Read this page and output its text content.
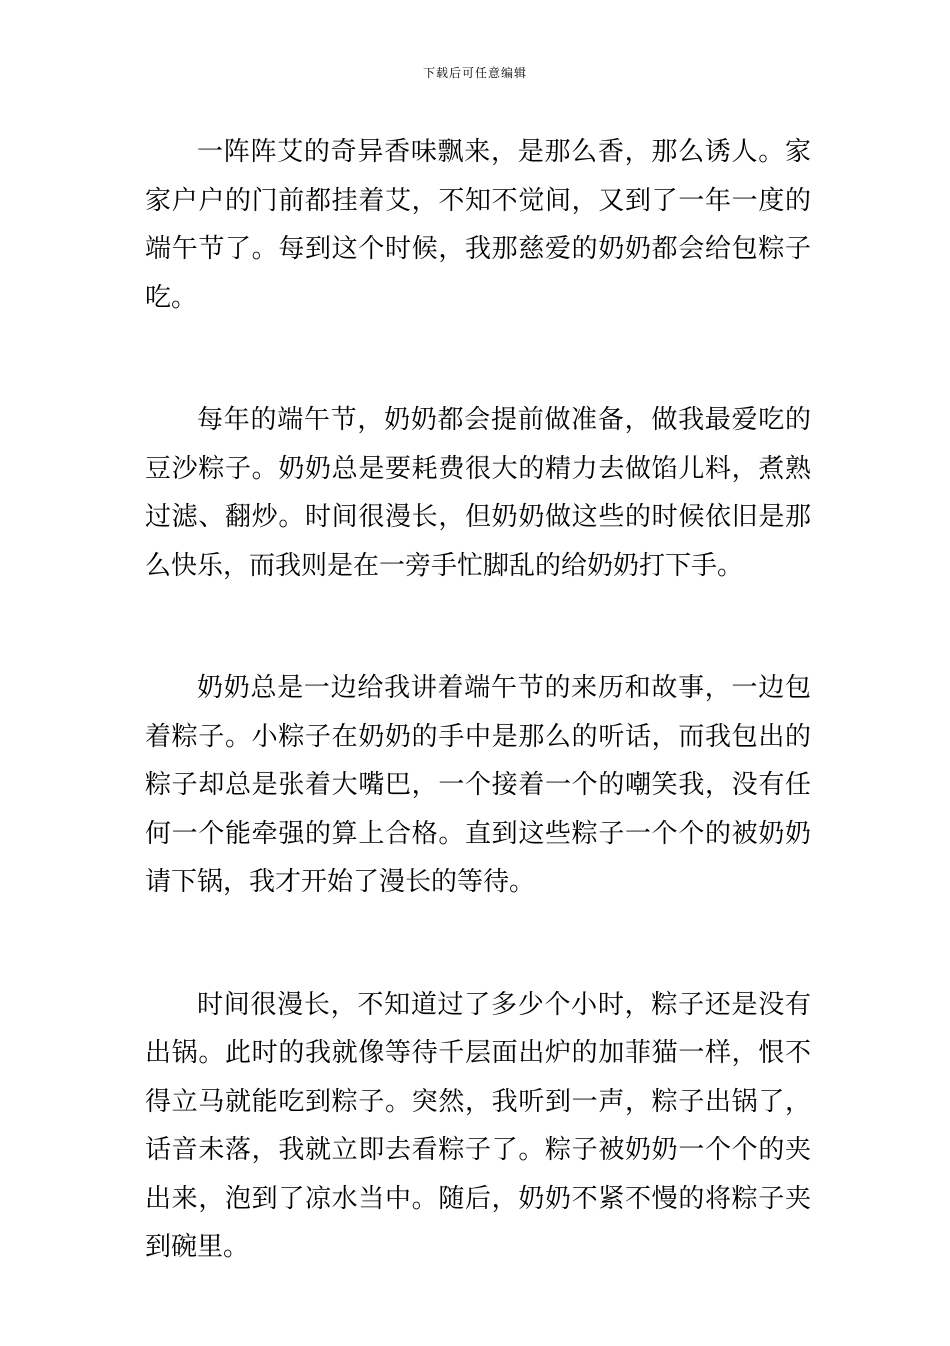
下载后可任意编辑

一阵阵艾的奇异香味飘来，是那么香，那么诱人。家家户户的门前都挂着艾，不知不觉间，又到了一年一度的端午节了。每到这个时候，我那慈爱的奶奶都会给包粽子吃。

每年的端午节，奶奶都会提前做准备，做我最爱吃的豆沙粽子。奶奶总是要耗费很大的精力去做馅儿料，煮熟过滤、翻炒。时间很漫长，但奶奶做这些的时候依旧是那么快乐，而我则是在一旁手忙脚乱的给奶奶打下手。

奶奶总是一边给我讲着端午节的来历和故事，一边包着粽子。小粽子在奶奶的手中是那么的听话，而我包出的粽子却总是张着大嘴巴，一个接着一个的嘲笑我，没有任何一个能牵强的算上合格。直到这些粽子一个个的被奶奶请下锅，我才开始了漫长的等待。

时间很漫长，不知道过了多少个小时，粽子还是没有出锅。此时的我就像等待千层面出炉的加菲猫一样，恨不得立马就能吃到粽子。突然，我听到一声，粽子出锅了，话音未落，我就立即去看粽子了。粽子被奶奶一个个的夹出来，泡到了凉水当中。随后，奶奶不紧不慢的将粽子夹到碗里。
